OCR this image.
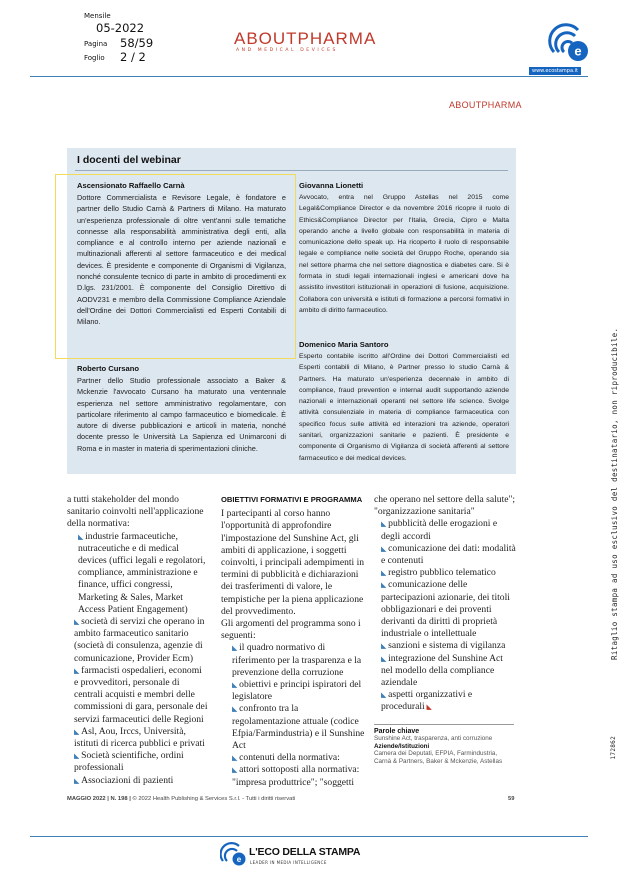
Mensile
05-2022
Pagina 58/59
Foglio 2 / 2
ABOUTPHARMA
AND MEDICAL DEVICES	e
www.ecostampa.it
ABOUTPHARMA
I docenti del webinar
Ascensionato Raffaello Carnà
Dottore Commercialista e Revisore Legale, è fondatore e partner dello Studio Carnà & Partners di Milano. Ha maturato un'esperienza professionale di oltre vent'anni sulle tematiche connesse alla responsabilità amministrativa degli enti, alla compliance e al controllo interno per aziende nazionali e multinazionali afferenti al settore farmaceutico e dei medical devices. È presidente e componente di Organismi di Vigilanza, nonché consulente tecnico di parte in ambito di procedimenti ex D.lgs. 231/2001. È componente del Consiglio Direttivo di AODV231 e membro della Commissione Compliance Aziendale dell'Ordine dei Dottori Commercialisti ed Esperti Contabili di Milano.
Roberto Cursano
Partner dello Studio professionale associato a Baker & Mckenzie l'avvocato Cursano ha maturato una ventennale esperienza nel settore amministrativo regolamentare, con particolare riferimento al campo farmaceutico e biomedicale. È autore di diverse pubblicazioni e articoli in materia, nonché docente presso le Università La Sapienza ed Unimarconi di Roma e in master in materia di sperimentazioni cliniche.
Giovanna Lionetti
Avvocato, entra nel Gruppo Astellas nel 2015 come Legal&Compliance Director e da novembre 2016 ricopre il ruolo di Ethics&Compliance Director per l'Italia, Grecia, Cipro e Malta operando anche a livello globale con responsabilità in materia di comunicazione dello speak up. Ha ricoperto il ruolo di responsabile legale e compliance nelle società del Gruppo Roche, operando sia nel settore pharma che nel settore diagnostica e diabetes care. Si è formata in studi legali internazionali inglesi e americani dove ha assistito investitori istituzionali in operazioni di fusione, acquisizione. Collabora con università e istituti di formazione a percorsi formativi in ambito di diritto farmaceutico.
Domenico Maria Santoro
Esperto contabile iscritto all'Ordine dei Dottori Commercialisti ed Esperti contabili di Milano, è Partner presso lo studio Carnà & Partners. Ha maturato un'esperienza decennale in ambito di compliance, fraud prevention e internal audit supportando aziende nazionali e internazionali operanti nel settore life science. Svolge attività consulenziale in materia di compliance farmaceutica con specifico focus sulle attività ed interazioni tra aziende, operatori sanitari, organizzazioni sanitarie e pazienti. È presidente e componente di Organismo di Vigilanza di società afferenti al settore farmaceutico e dei medical devices.

a tutti stakeholder del mondo sanitario coinvolti nell'applicazione della normativa:

◣ industrie farmaceutiche, nutraceutiche e di medical devices (uffici legali e regolatori, compliance, amministrazione e finance, uffici congressi, Marketing & Sales, Market Access Patient Engagement)

◣ società di servizi che operano in ambito farmaceutico sanitario (società di consulenza, agenzie di comunicazione, Provider Ecm)

◣ farmacisti ospedalieri, economi e provveditori, personale di centrali acquisti e membri delle commissioni di gara, personale dei servizi farmaceutici delle Regioni

◣ Asl, Aou, Irccs, Università, istituti di ricerca pubblici e privati

◣ Società scientifiche, ordini professionali

◣ Associazioni di pazienti

OBIETTIVI FORMATIVI E PROGRAMMA

I partecipanti al corso hanno l'opportunità di approfondire l'impostazione del Sunshine Act, gli ambiti di applicazione, i soggetti coinvolti, i principali adempimenti in termini di pubblicità e dichiarazioni dei trasferimenti di valore, le tempistiche per la piena applicazione del provvedimento.

Gli argomenti del programma sono i seguenti:

◣ il quadro normativo di riferimento per la trasparenza e la prevenzione della corruzione

◣ obiettivi e principi ispiratori del legislatore

◣ confronto tra la regolamentazione attuale (codice Efpia/Farmindustria) e il Sunshine Act

◣ contenuti della normativa:

◣ attori sottoposti alla normativa: "impresa produttrice"; "soggetti

che operano nel settore della salute"; "organizzazione sanitaria"

◣ pubblicità delle erogazioni e degli accordi

◣ comunicazione dei dati: modalità e contenuti

◣ registro pubblico telematico

◣ comunicazione delle partecipazioni azionarie, dei titoli obbligazionari e dei proventi derivanti da diritti di proprietà industriale o intellettuale

◣ sanzioni e sistema di vigilanza

◣ integrazione del Sunshine Act nel modello della compliance aziendale

◣ aspetti organizzativi e procedurali ◣

Parole chiave
Sunshine Act, trasparenza, anti corruzione
Aziende/Istituzioni
Camera dei Deputati, EFPIA, Farmindustria, Carnà & Partners, Baker & Mckenzie, Astellas
MAGGIO 2022 | N. 198 | © 2022 Health Publishing & Services S.r.l. - Tutti i diritti riservati	59
Ritaglio stampa ad uso esclusivo del destinatario, non riproducibile.
172862
e
L'ECO DELLA STAMPA
LEADER IN MEDIA INTELLIGENCE
